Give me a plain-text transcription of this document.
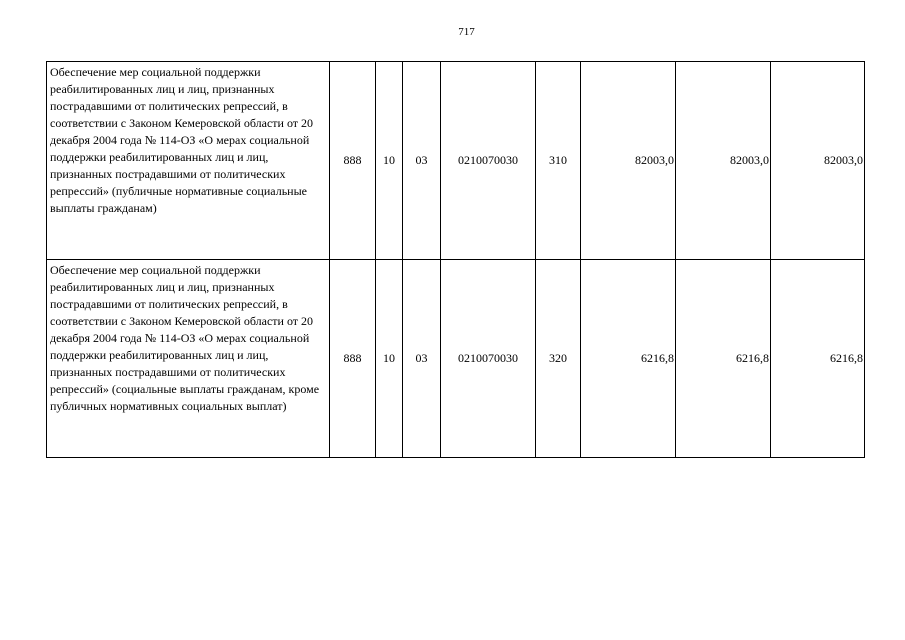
717
Обеспечение мер социальной поддержки реабилитированных лиц и лиц, признанных пострадавшими от политических репрессий, в соответствии с Законом Кемеровской области от 20 декабря 2004 года № 114-ОЗ «О мерах социальной поддержки реабилитированных лиц и лиц, признанных пострадавшими от политических репрессий» (публичные нормативные социальные выплаты гражданам)	888	10	03	0210070030	310	82003,0	82003,0	82003,0
Обеспечение мер социальной поддержки реабилитированных лиц и лиц, признанных пострадавшими от политических репрессий, в соответствии с Законом Кемеровской области от 20 декабря 2004 года № 114-ОЗ «О мерах социальной поддержки реабилитированных лиц и лиц, признанных пострадавшими от политических репрессий» (социальные выплаты гражданам, кроме публичных нормативных социальных выплат)	888	10	03	0210070030	320	6216,8	6216,8	6216,8
